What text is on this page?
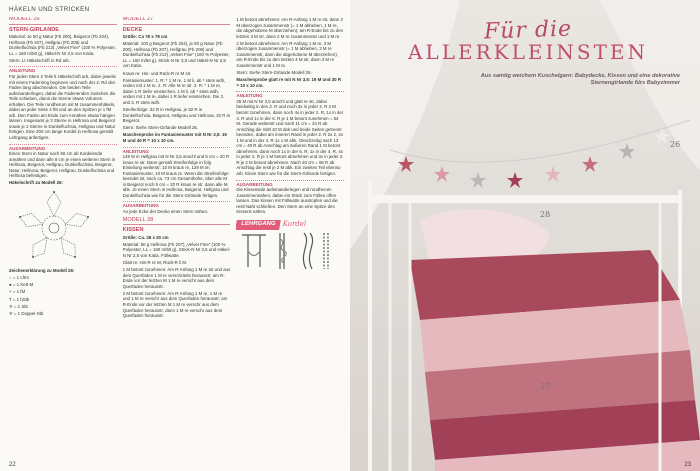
HÄKELN UND STRICKEN
MODELL 26
STERN-GIRLANDE

Material: Je 50 g Natur (Fb 200), Beigerot (Fb 204), Hellrosa (Fb 207), Hellgrau (Fb 208) und Dunkelfuchsia (Fb 213) „Velvet Fine“ (100 % Polyester, LL = 160 m/50 g), Häkel-N Nr 2,5 von Katia.

Stern: Lt Häkelschrift in Rd arb.

ANLEITUNG

Für jeden Stern 2 Teile lt Häkelschrift arb, dabei jeweils mit einem Fadenring beginnen und nach der 2. Rd den Faden lang abschneiden. Die beiden Teile aufeinanderlegen, dabei die Fadenenden zwischen die Teile schieben, damit die Sterne etwas Volumen erhalten. Die Teile rundherum mit M zusammenhäkeln, dabei an jeder Seite 4 fM und an den Spitzen je 1 fM arb. Den Faden am Ende zum Annähen etwas hängen lassen. Insgesamt je 3 Sterne in Hellrosa und Beigerot sowie je 2 Sterne in Dunkelfuchsia, Hellgrau und Natur fertigen. Eine 200 cm lange Kordel in Hellrosa gemäß Lehrgang anfertigen.

AUSARBEITUNG

Einen Stern in Natur nach 56 cm ab Kordelende annähen und dann alle 8 cm je einen weiteren Stern in Hellrosa, Beigerot, Hellgrau, Dunkelfuchsia, Beigerot, Natur, Hellrosa, Beigerot, Hellgrau, Dunkelfuchsia und Hellrosa befestigen.

Häkelschrift zu Modell 26:

Zeichenerklärung zu Modell 26:

○ = 1 Lftm

● = 1 Kett-M

+ = 1 fM

T = 1 hStb

∓ = 1 Stb

∓ = 1 Doppel-Stb

MODELL 27
DECKE

Größe: Ca 78 x 78 cm

Material: 100 g Beigerot (Fb 204), je 50 g Natur (Fb 200), Hellrosa (Fb 207), Hellgrau (Fb 208) und Dunkelfuchsia (Fb 213) „Velvet Fine“ (100 % Polyester, LL = 160 m/50 g), Strick-N Nr 3,5 und Häkel-N Nr 2,5 von Katia.

Kraus re: Hin- und Rück-R re M str.

Fantasiemuster: 1. R: * 1 M re, 1 M li, ab * stets wdh, enden mit 1 M re. 2. R: Alle M re str. 3. R: * 1 M re, dabei 1 R tiefer einstechen, 1 M li, ab * stets wdh, enden mit 1 M re, dabei 1 R tiefer einstechen. Die 2. und 3. R stets wdh.

Streifenfolge: 32 R in Hellgrau, je 52 R in Dunkelfuchsia, Beigerot, Hellgrau und Hellrosa, 32 R in Beigerot.

Stern: Siehe Stern-Girlande Modell 26.

Maschenprobe im Fantasiemuster mit N Nr 3,5: 19 M und 40 R = 10 x 10 cm.

ANLEITUNG

149 M in Hellgrau mit N Nr 3,5 anschl und 5 cm = 20 R kraus re str. Dann gemäß Streifenfolge in folg Einteilung weiterstr: 10 M kraus re, 129 M im Fantasiemuster, 10 M kraus re. Wenn die Streifenfolge beendet ist, nach ca. 73 cm Gesamthöhe, über alle M in Beigerot noch 5 cm = 20 R kraus re str, dann alle M abk. Je einen Stern in Hellrosa, Beigerot, Hellgrau und Dunkelfuchsia wie für die Stern-Girlande fertigen.

AUSARBEITUNG

An jede Ecke der Decke einen Stern nähen.

MODELL 28
KISSEN

Größe: Ca. 28 x 20 cm

Material: 50 g Hellrosa (Fb 207) „Velvet Fine“ (100 % Polyester, LL = 160 m/50 g), Strick-N Nr 3,5 und Häkel-N Nr 2,5 von Katia. Füllwatte.

Glatt re: Hin-R re M, Rück-R li M.

1 M betont zunehmen: Am R-Anfang 1 M re str und aus dem Querfaden 1 M re verschränkt herausstr; am R-Ende vor der letzten M 1 M re verschr aus dem Querfaden herausstr.

2 M betont zunehmen: Am R-Anfang 1 M re, 1 M re und 1 M re verschr aus dem Querfaden herausstr; am R-Ende vor der letzten M 1 M re verschr aus dem Querfaden herausstr, dann 1 M re verschr aus dem Querfaden herausstr.

1 M betont abnehmen: Am R-Anfang 1 M re str, dann 2 M überzogen zusammenstr (= 1 M abheben, 1 M re, die abgehobene M überziehen); am R-Ende bis zu den letzten 3 M str, dann 2 M re zusammenstr und 1 M re.

2 M betont abnehmen: Am R-Anfang 1 M re, 3 M überzogen zusammenstr (= 1 M abheben, 2 M re zusammenstr, dann die abgehobene M überziehen); am R-Ende bis zu den letzten 4 M str, dann 3 M re zusammenstr und 1 M re.

Stern: Siehe Stern-Girlande Modell 26.

Maschenprobe glatt re mit N Nr 3,5: 19 M und 30 R = 10 x 10 cm.

ANLEITUNG

26 M mit N Nr 3,5 anschl und glatt re str, dabei beidseitig in den 3. R und noch 3x in jeder 2. R 2 M betont zunehmen, dann noch 4x in jeder 2. R, 1x in der 4. R und 1x in der 6. R je 1 M betont zunehmen = 54 M. Gerade weiterstr und nach 11 cm = 34 R ab Anschlag die mittl 10 M abk und beide Seiten getrennt beenden, dabei am inneren Rand in jeder 2. R 2x 2, 2x 1 M und in der 4. R 1x 1 M abk. Gleichzeitig nach 13 cm = 40 R ab Anschlag am äußeren Rand 1 M betont abnehmen, dann noch 1x in der 6. R, 1x in der 4. R, 4x in jeder 2. R je 1 M betont abnehmen und 3x in jeder 2. R je 2 M betont abnehmen. Nach 20 cm = 66 R ab Anschlag die restl je 2 M abk. Ein zweites Teil ebenso arb. Einen Stern wie für die Stern-Girlande fertigen.

AUSARBEITUNG

Die Kissenteile aufeinanderlegen und rundherum zusammennähen, dabei ein Stück zum Füllen offen lassen. Das Kissen mit Füllwatte ausstopfen und die restl Naht schließen. Den Stern an eine Spitze des Kissens nähen.

LEHRGANG Kordel
22
Für die
ALLERKLEINSTEN
Aus samtig weichem Kuschelgarn: Babydecke, Kissen und eine dekorative Sternengirlande fürs Babyzimmer
26
28
27
23
